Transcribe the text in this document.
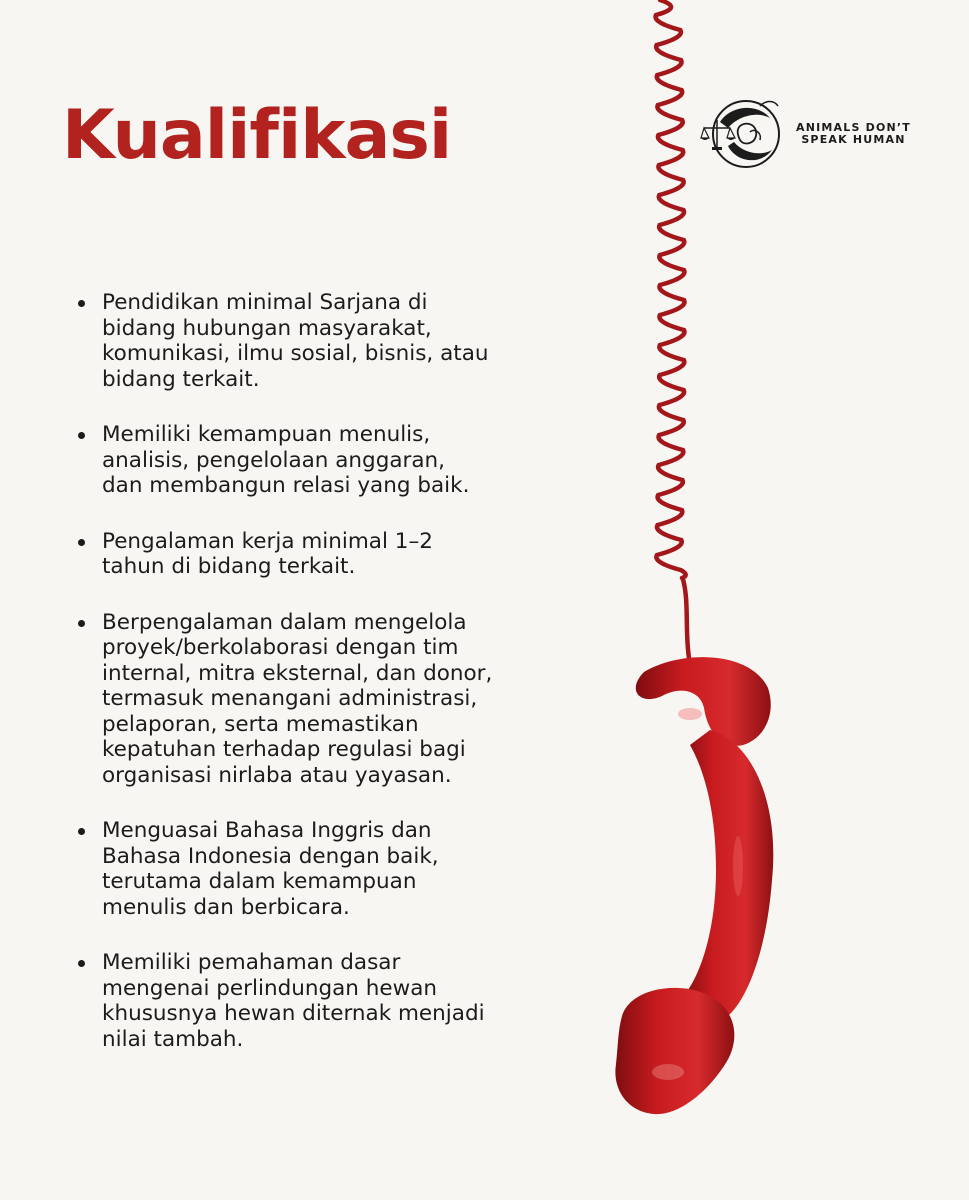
Kualifikasi	ANIMALS DON’T
SPEAK HUMAN
Pendidikan minimal Sarjana di
bidang hubungan masyarakat,
komunikasi, ilmu sosial, bisnis, atau
bidang terkait.
Memiliki kemampuan menulis,
analisis, pengelolaan anggaran,
dan membangun relasi yang baik.
Pengalaman kerja minimal 1–2
tahun di bidang terkait.
Berpengalaman dalam mengelola
proyek/berkolaborasi dengan tim
internal, mitra eksternal, dan donor,
termasuk menangani administrasi,
pelaporan, serta memastikan
kepatuhan terhadap regulasi bagi
organisasi nirlaba atau yayasan.
Menguasai Bahasa Inggris dan
Bahasa Indonesia dengan baik,
terutama dalam kemampuan
menulis dan berbicara.
Memiliki pemahaman dasar
mengenai perlindungan hewan
khususnya hewan diternak menjadi
nilai tambah.
